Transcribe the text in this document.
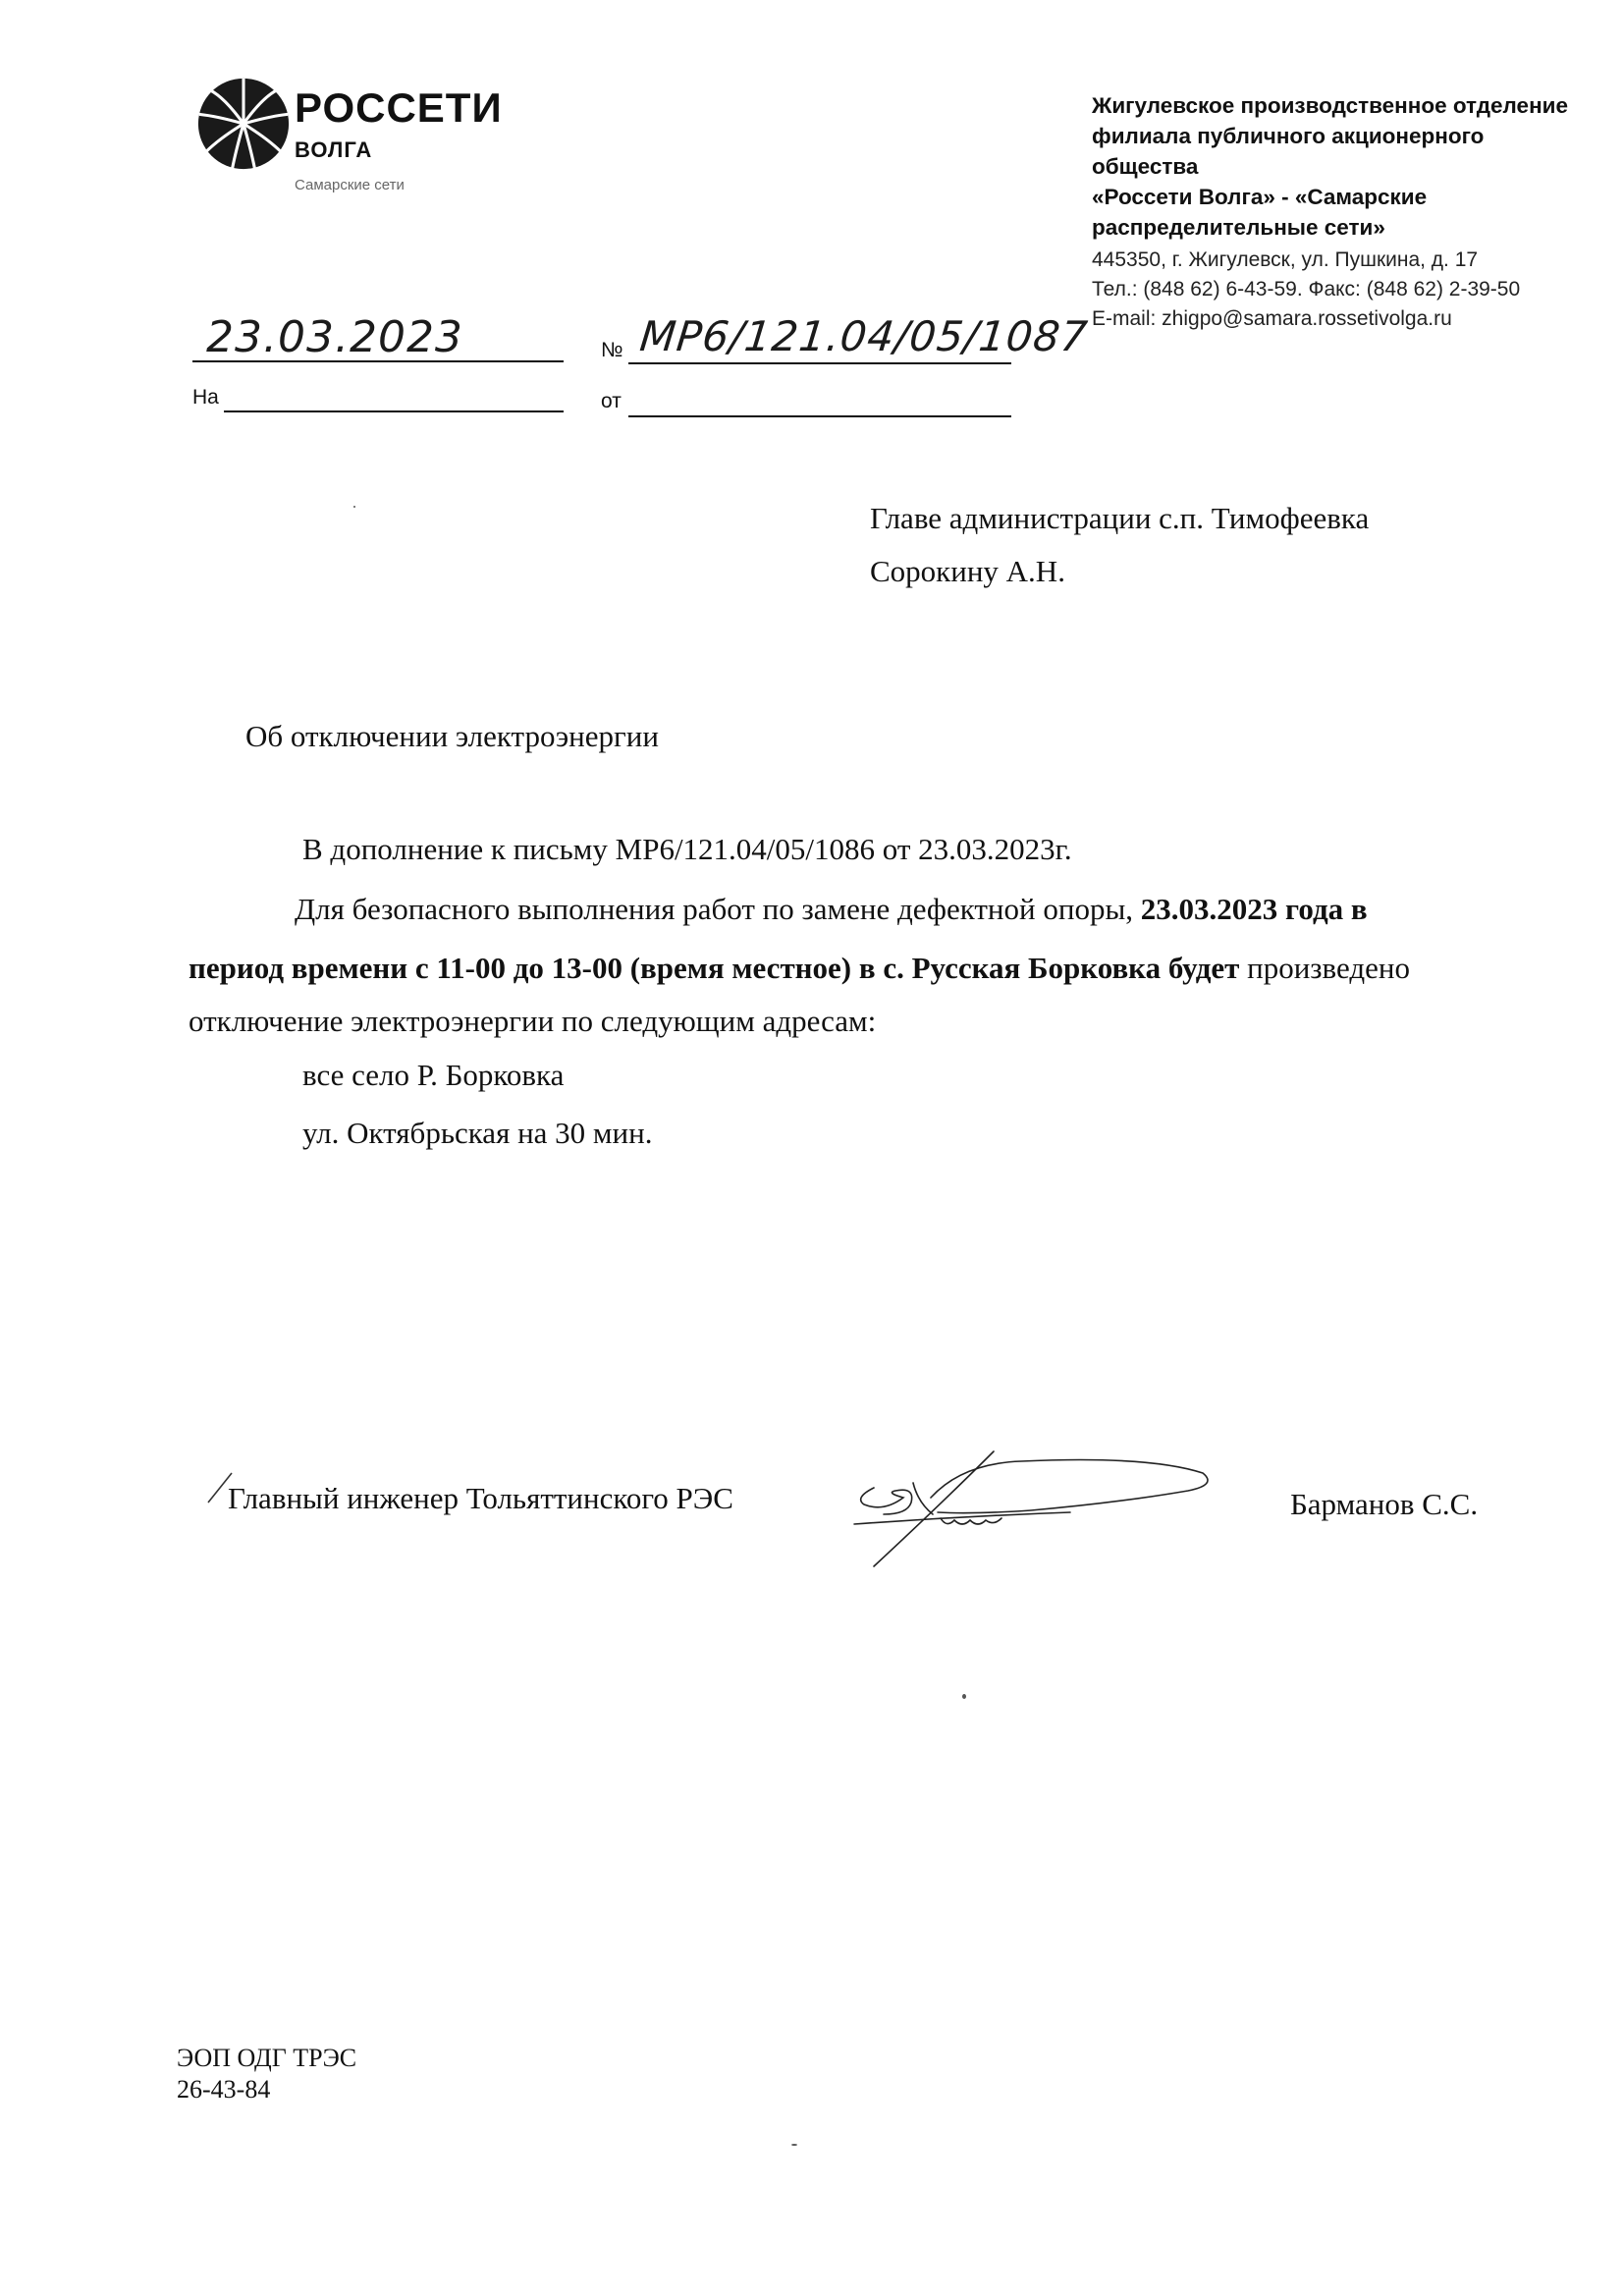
РОССЕТИ
ВОЛГА
Самарские сети
Жигулевское производственное отделение
филиала публичного акционерного общества
«Россети Волга» - «Самарские
распределительные сети»
445350, г. Жигулевск, ул. Пушкина, д. 17
Тел.: (848 62) 6-43-59. Факс: (848 62) 2-39-50
E-mail: zhigpo@samara.rossetivolga.ru
23.03.2023	№ МР6/121.04/05/1087
На	от
Главе администрации с.п. Тимофеевка
Сорокину А.Н.
Об отключении электроэнергии
В дополнение к письму МР6/121.04/05/1086 от 23.03.2023г.
Для безопасного выполнения работ по замене дефектной опоры, 23.03.2023 года в
период времени с 11-00 до 13-00 (время местное) в с. Русская Борковка будет произведено
отключение электроэнергии по следующим адресам:
все село Р. Борковка
ул. Октябрьская на 30 мин.
Главный инженер Тольяттинского РЭС	Барманов С.С.
ЭОП ОДГ ТРЭС
26-43-84
